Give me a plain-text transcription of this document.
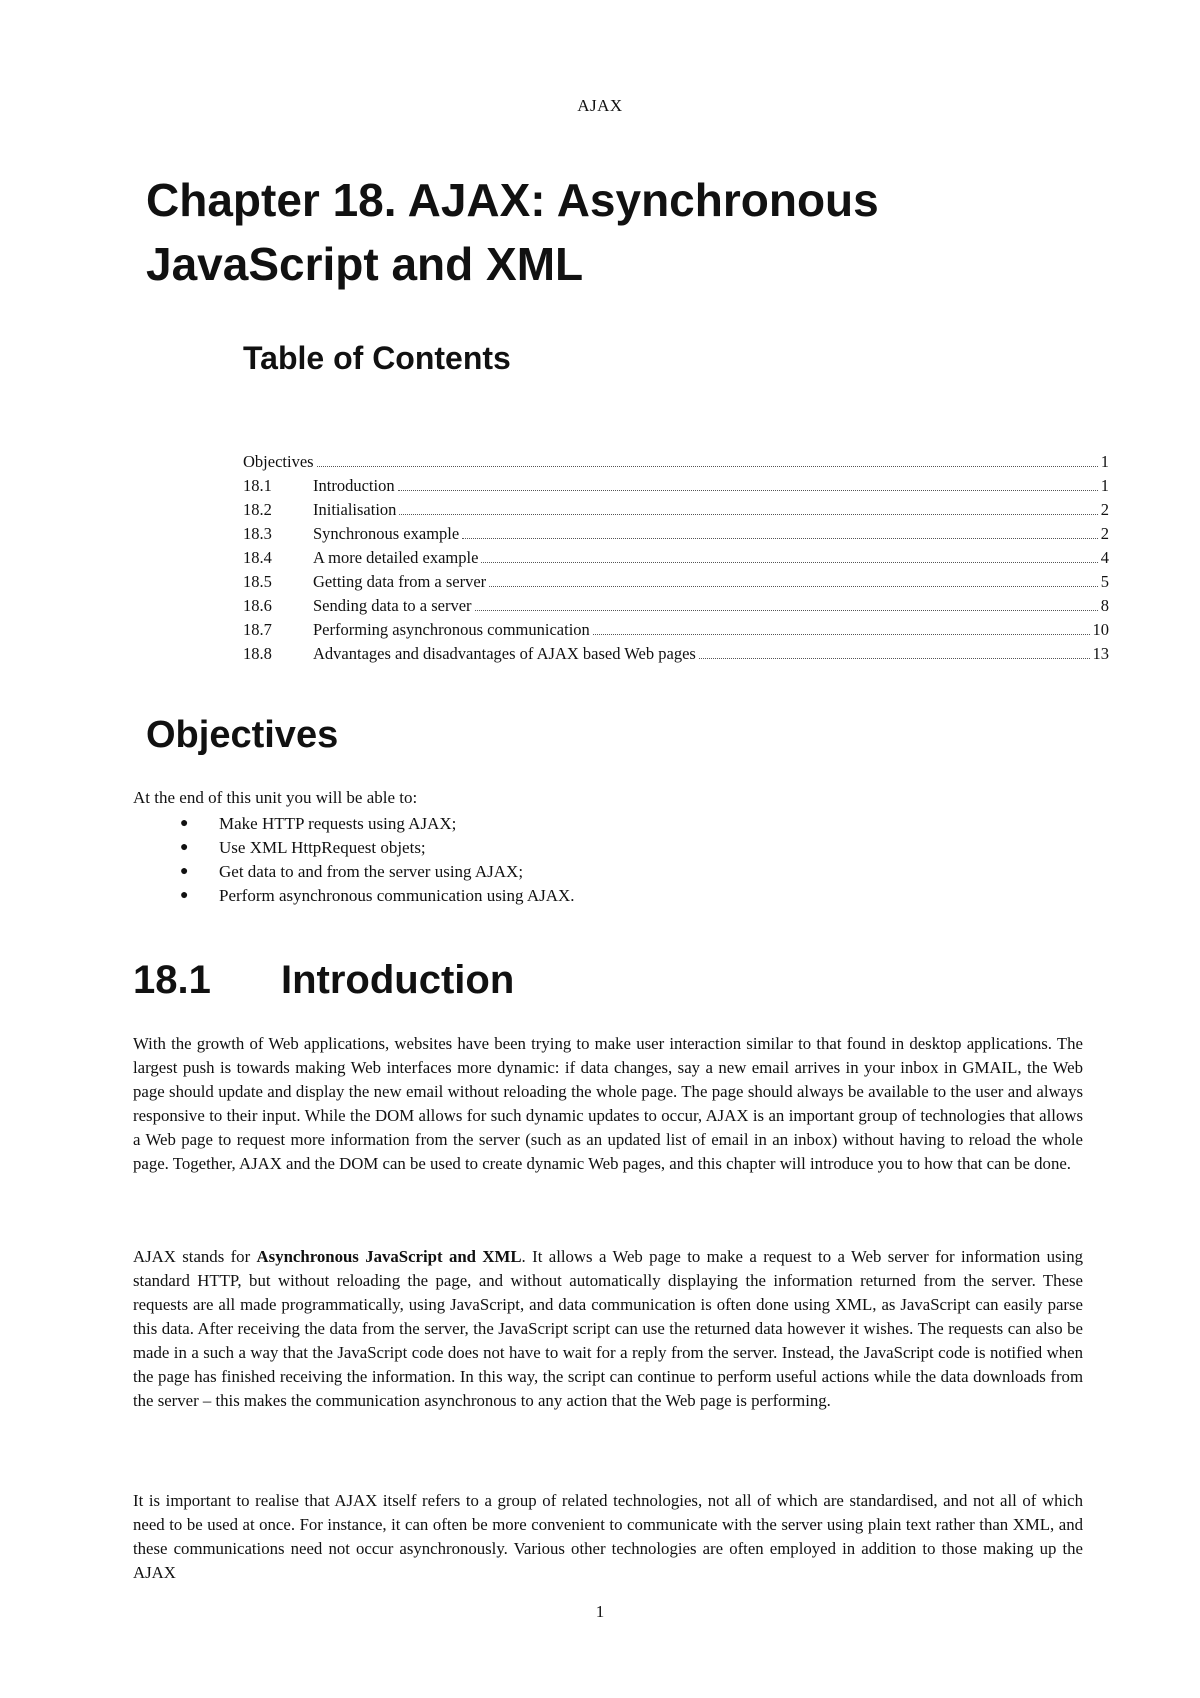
AJAX
Chapter 18. AJAX: Asynchronous
JavaScript and XML
Table of Contents
Objectives	1
18.1	Introduction	1
18.2	Initialisation	2
18.3	Synchronous example	2
18.4	A more detailed example	4
18.5	Getting data from a server	5
18.6	Sending data to a server	8
18.7	Performing asynchronous communication	10
18.8	Advantages and disadvantages of AJAX based Web pages	13
Objectives
At the end of this unit you will be able to:
●	Make HTTP requests using AJAX;
●	Use XML HttpRequest objets;
●	Get data to and from the server using AJAX;
●	Perform asynchronous communication using AJAX.
18.1	Introduction

With the growth of Web applications, websites have been trying to make user interaction similar to that found in desktop applications. The largest push is towards making Web interfaces more dynamic: if data changes, say a new email arrives in your inbox in GMAIL, the Web page should update and display the new email without reloading the whole page. The page should always be available to the user and always responsive to their input. While the DOM allows for such dynamic updates to occur, AJAX is an important group of technologies that allows a Web page to request more information from the server (such as an updated list of email in an inbox) without having to reload the whole page. Together, AJAX and the DOM can be used to create dynamic Web pages, and this chapter will introduce you to how that can be done.

AJAX stands for Asynchronous JavaScript and XML. It allows a Web page to make a request to a Web server for information using standard HTTP, but without reloading the page, and without automatically displaying the information returned from the server. These requests are all made programmatically, using JavaScript, and data communication is often done using XML, as JavaScript can easily parse this data. After receiving the data from the server, the JavaScript script can use the returned data however it wishes. The requests can also be made in a such a way that the JavaScript code does not have to wait for a reply from the server. Instead, the JavaScript code is notified when the page has finished receiving the information. In this way, the script can continue to perform useful actions while the data downloads from the server – this makes the communication asynchronous to any action that the Web page is performing.

It is important to realise that AJAX itself refers to a group of related technologies, not all of which are standardised, and not all of which need to be used at once. For instance, it can often be more convenient to communicate with the server using plain text rather than XML, and these communications need not occur asynchronously. Various other technologies are often employed in addition to those making up the AJAX

1
